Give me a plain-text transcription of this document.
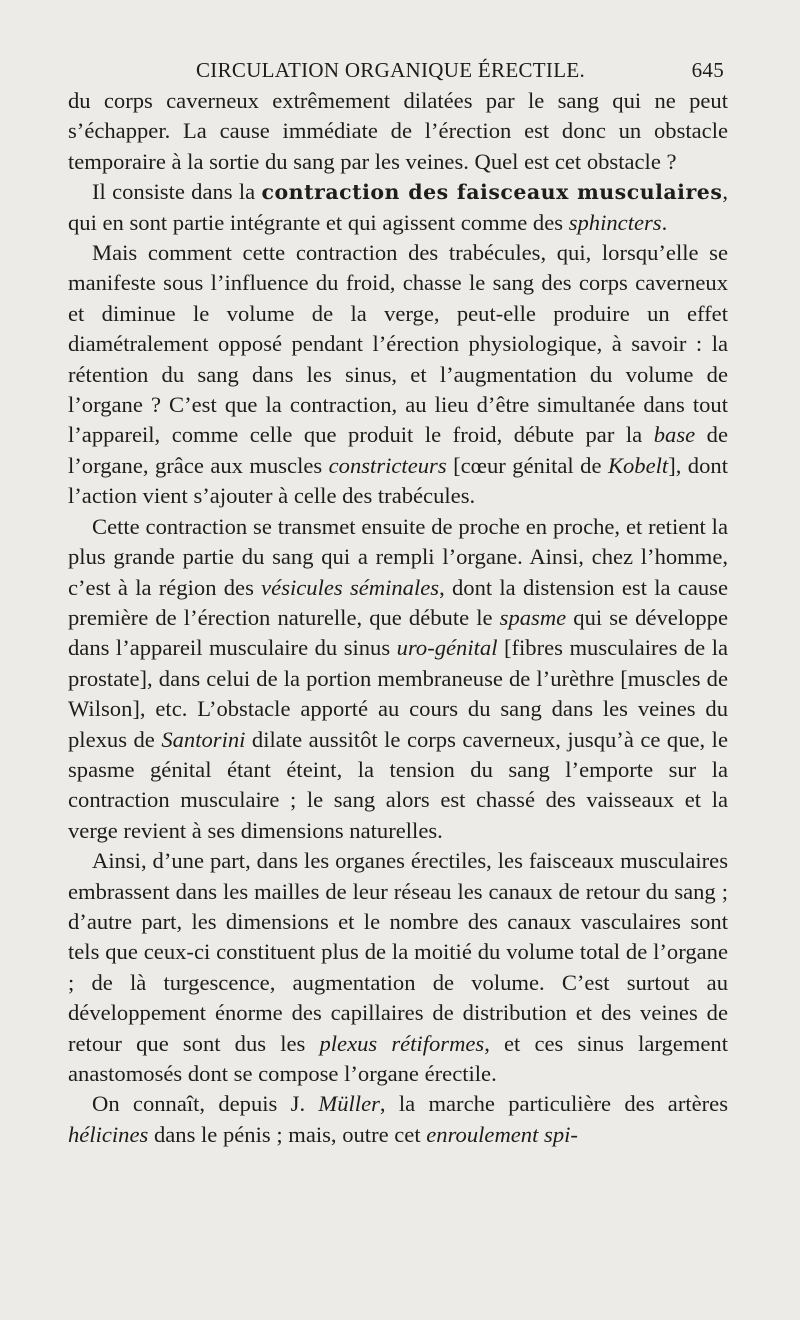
CIRCULATION ORGANIQUE ÉRECTILE.	645

du corps caverneux extrêmement dilatées par le sang qui ne peut s’échapper. La cause immédiate de l’érection est donc un obstacle temporaire à la sortie du sang par les veines. Quel est cet obstacle ?

Il consiste dans la contraction des faisceaux musculaires, qui en sont partie intégrante et qui agissent comme des sphincters.

Mais comment cette contraction des trabécules, qui, lorsqu’elle se manifeste sous l’influence du froid, chasse le sang des corps caverneux et diminue le volume de la verge, peut-elle produire un effet diamétralement opposé pendant l’érection physiologique, à savoir : la rétention du sang dans les sinus, et l’augmentation du volume de l’organe ? C’est que la contraction, au lieu d’être simultanée dans tout l’appareil, comme celle que produit le froid, débute par la base de l’organe, grâce aux muscles constricteurs [cœur génital de Kobelt], dont l’action vient s’ajouter à celle des trabécules.

Cette contraction se transmet ensuite de proche en proche, et retient la plus grande partie du sang qui a rempli l’organe. Ainsi, chez l’homme, c’est à la région des vésicules séminales, dont la distension est la cause première de l’érection naturelle, que débute le spasme qui se développe dans l’appareil musculaire du sinus uro-génital [fibres musculaires de la prostate], dans celui de la portion membraneuse de l’urèthre [muscles de Wilson], etc. L’obstacle apporté au cours du sang dans les veines du plexus de Santorini dilate aussitôt le corps caverneux, jusqu’à ce que, le spasme génital étant éteint, la tension du sang l’emporte sur la contraction musculaire ; le sang alors est chassé des vaisseaux et la verge revient à ses dimensions naturelles.

Ainsi, d’une part, dans les organes érectiles, les faisceaux musculaires embrassent dans les mailles de leur réseau les canaux de retour du sang ; d’autre part, les dimensions et le nombre des canaux vasculaires sont tels que ceux-ci constituent plus de la moitié du volume total de l’organe ; de là turgescence, augmentation de volume. C’est surtout au développement énorme des capillaires de distribution et des veines de retour que sont dus les plexus rétiformes, et ces sinus largement anastomosés dont se compose l’organe érectile.

On connaît, depuis J. Müller, la marche particulière des artères hélicines dans le pénis ; mais, outre cet enroulement spi-
